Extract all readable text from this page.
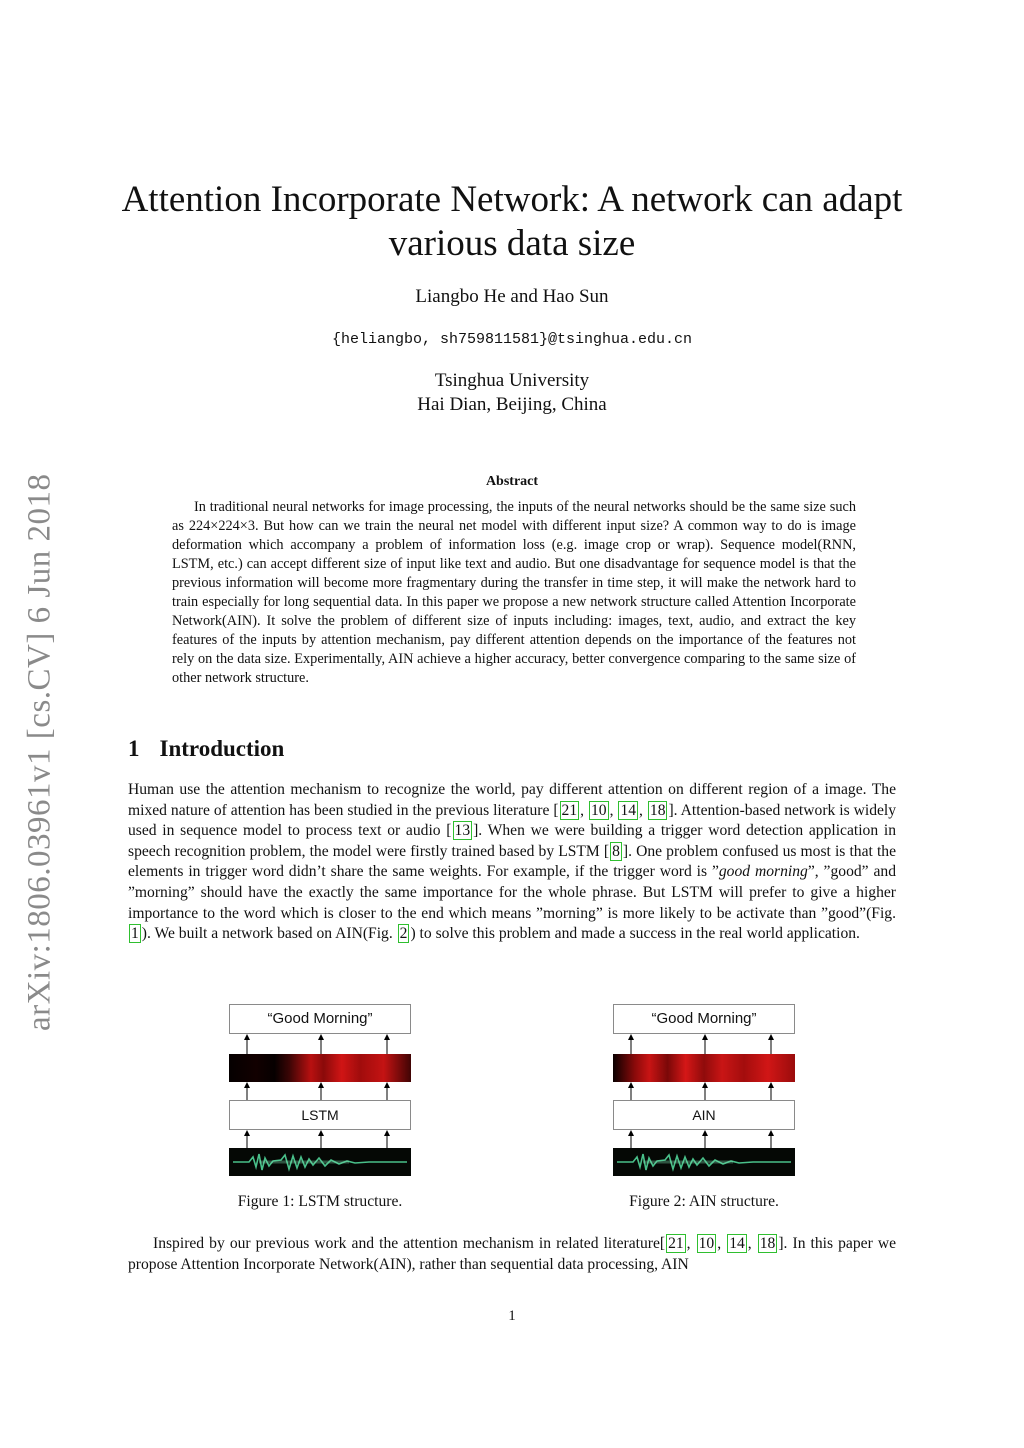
arXiv:1806.03961v1 [cs.CV] 6 Jun 2018
Attention Incorporate Network: A network can adapt various data size
Liangbo He and Hao Sun
{heliangbo, sh759811581}@tsinghua.edu.cn
Tsinghua University
Hai Dian, Beijing, China
Abstract

In traditional neural networks for image processing, the inputs of the neural networks should be the same size such as 224×224×3. But how can we train the neural net model with different input size? A common way to do is image deformation which accompany a problem of information loss (e.g. image crop or wrap). Sequence model(RNN, LSTM, etc.) can accept different size of input like text and audio. But one disadvantage for sequence model is that the previous information will become more fragmentary during the transfer in time step, it will make the network hard to train especially for long sequential data. In this paper we propose a new network structure called Attention Incorporate Network(AIN). It solve the problem of different size of inputs including: images, text, audio, and extract the key features of the inputs by attention mechanism, pay different attention depends on the importance of the features not rely on the data size. Experimentally, AIN achieve a higher accuracy, better convergence comparing to the same size of other network structure.

1 Introduction

Human use the attention mechanism to recognize the world, pay different attention on different region of a image. The mixed nature of attention has been studied in the previous literature [ 21 , 10 , 14 , 18 ]. Attention-based network is widely used in sequence model to process text or audio [ 13 ]. When we were building a trigger word detection application in speech recognition problem, the model were firstly trained based by LSTM [ 8 ]. One problem confused us most is that the elements in trigger word didn’t share the same weights. For example, if the trigger word is ”good morning”, ”good” and ”morning” should have the exactly the same importance for the whole phrase. But LSTM will prefer to give a higher importance to the word which is closer to the end which means ”morning” is more likely to be activate than ”good”(Fig. 1 ). We built a network based on AIN(Fig. 2 ) to solve this problem and made a success in the real world application.

“Good Morning”
LSTM
“Good Morning”
AIN
Figure 1: LSTM structure.	Figure 2: AIN structure.

Inspired by our previous work and the attention mechanism in related literature[ 21 , 10 , 14 , 18 ]. In this paper we propose Attention Incorporate Network(AIN), rather than sequential data processing, AIN

1
